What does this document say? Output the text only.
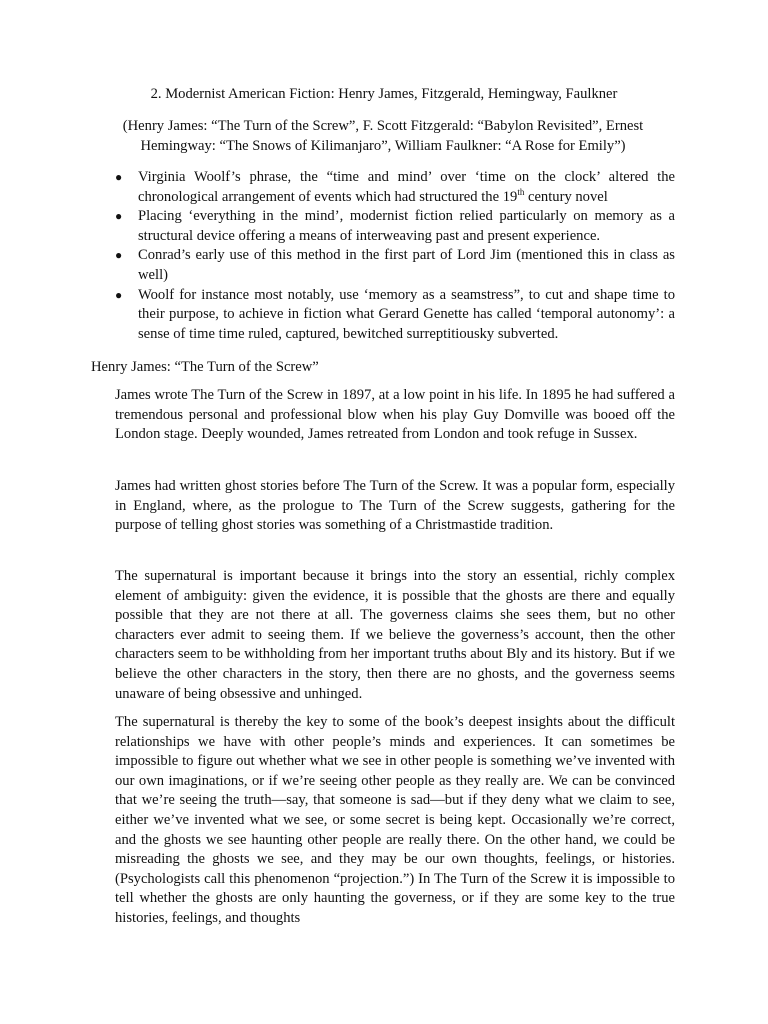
2. Modernist American Fiction: Henry James, Fitzgerald, Hemingway, Faulkner

(Henry James: “The Turn of the Screw”, F. Scott Fitzgerald: “Babylon Revisited”, Ernest Hemingway: “The Snows of Kilimanjaro”, William Faulkner: “A Rose for Emily”)

● Virginia Woolf’s phrase, the “time and mind’ over ‘time on the clock’ altered the chronological arrangement of events which had structured the 19th century novel
● Placing ‘everything in the mind’, modernist fiction relied particularly on memory as a structural device offering a means of interweaving past and present experience.
● Conrad’s early use of this method in the first part of Lord Jim (mentioned this in class as well)
● Woolf for instance most notably, use ‘memory as a seamstress”, to cut and shape time to their purpose, to achieve in fiction what Gerard Genette has called ‘temporal autonomy’: a sense of time time ruled, captured, bewitched surreptitiousky subverted.
Henry James: “The Turn of the Screw”

James wrote The Turn of the Screw in 1897, at a low point in his life. In 1895 he had suffered a tremendous personal and professional blow when his play Guy Domville was booed off the London stage. Deeply wounded, James retreated from London and took refuge in Sussex.

James had written ghost stories before The Turn of the Screw. It was a popular form, especially in England, where, as the prologue to The Turn of the Screw suggests, gathering for the purpose of telling ghost stories was something of a Christmastide tradition.

The supernatural is important because it brings into the story an essential, richly complex element of ambiguity: given the evidence, it is possible that the ghosts are there and equally possible that they are not there at all. The governess claims she sees them, but no other characters ever admit to seeing them. If we believe the governess’s account, then the other characters seem to be withholding from her important truths about Bly and its history. But if we believe the other characters in the story, then there are no ghosts, and the governess seems unaware of being obsessive and unhinged.

The supernatural is thereby the key to some of the book’s deepest insights about the difficult relationships we have with other people’s minds and experiences. It can sometimes be impossible to figure out whether what we see in other people is something we’ve invented with our own imaginations, or if we’re seeing other people as they really are. We can be convinced that we’re seeing the truth—say, that someone is sad—but if they deny what we claim to see, either we’ve invented what we see, or some secret is being kept. Occasionally we’re correct, and the ghosts we see haunting other people are really there. On the other hand, we could be misreading the ghosts we see, and they may be our own thoughts, feelings, or histories. (Psychologists call this phenomenon “projection.”) In The Turn of the Screw it is impossible to tell whether the ghosts are only haunting the governess, or if they are some key to the true histories, feelings, and thoughts
